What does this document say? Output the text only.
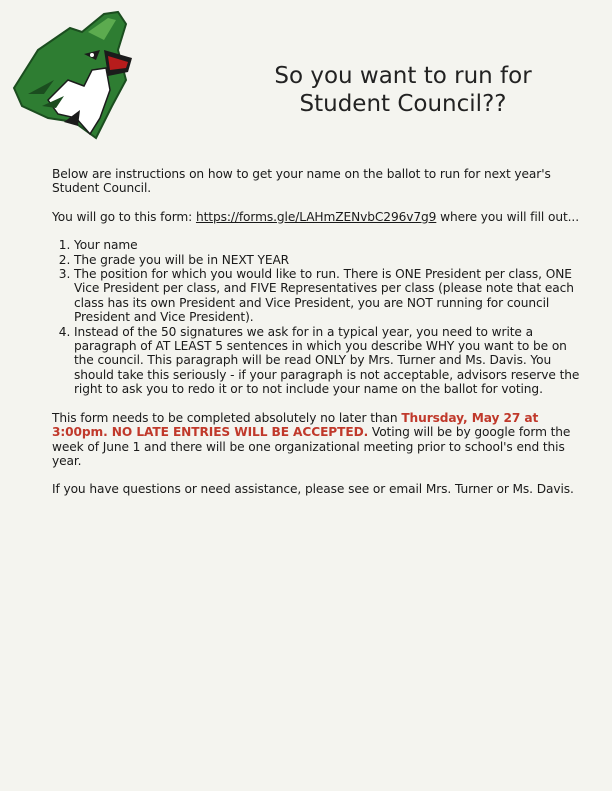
So you want to run for
Student Council??

Below are instructions on how to get your name on the ballot to run for next year's Student Council.

You will go to this form: https://forms.gle/LAHmZENvbC296v7g9 where you will fill out...

1. Your name
2. The grade you will be in NEXT YEAR
3. The position for which you would like to run. There is ONE President per class, ONE Vice President per class, and FIVE Representatives per class (please note that each class has its own President and Vice President, you are NOT running for council President and Vice President).
4. Instead of the 50 signatures we ask for in a typical year, you need to write a paragraph of AT LEAST 5 sentences in which you describe WHY you want to be on the council. This paragraph will be read ONLY by Mrs. Turner and Ms. Davis. You should take this seriously - if your paragraph is not acceptable, advisors reserve the right to ask you to redo it or to not include your name on the ballot for voting.

This form needs to be completed absolutely no later than Thursday, May 27 at 3:00pm. NO LATE ENTRIES WILL BE ACCEPTED. Voting will be by google form the week of June 1 and there will be one organizational meeting prior to school's end this year.

If you have questions or need assistance, please see or email Mrs. Turner or Ms. Davis.
